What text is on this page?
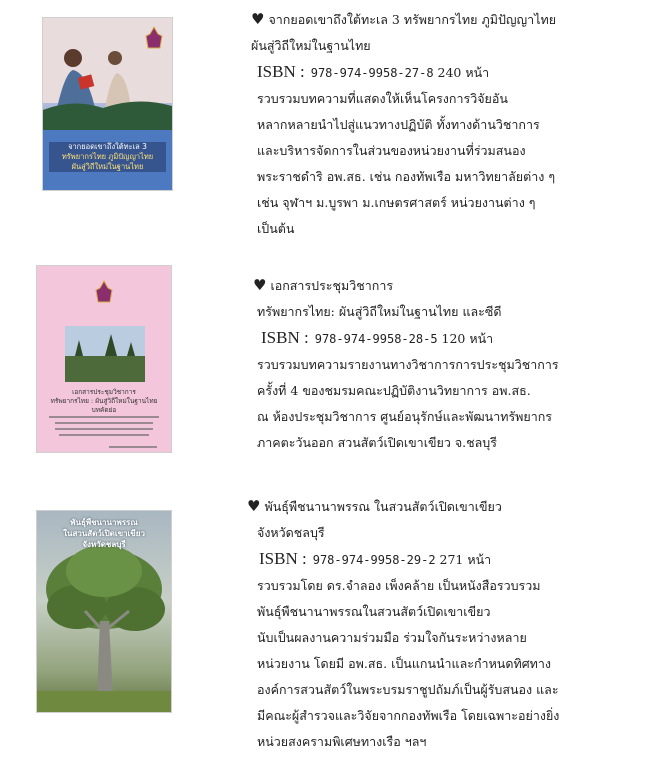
จากยอดเขาถึงใต้ทะเล 3
ทรัพยากรไทย ภูมิปัญญาไทย
ผันสู่วิถีใหม่ในฐานไทย
♥ จากยอดเขาถึงใต้ทะเล 3 ทรัพยากรไทย ภูมิปัญญาไทย
ผันสู่วิถีใหม่ในฐานไทย
ISBN : 978-974-9958-27-8 240 หน้า
รวบรวมบทความที่แสดงให้เห็นโครงการวิจัยอัน
หลากหลายนำไปสู่แนวทางปฏิบัติ ทั้งทางด้านวิชาการ
และบริหารจัดการในส่วนของหน่วยงานที่ร่วมสนอง
พระราชดำริ อพ.สธ. เช่น กองทัพเรือ มหาวิทยาลัยต่าง ๆ
เช่น จุฬาฯ ม.บูรพา ม.เกษตรศาสตร์ หน่วยงานต่าง ๆ
เป็นต้น
เอกสารประชุมวิชาการ
ทรัพยากรไทย : ผันสู่วิถีใหม่ในฐานไทย
บทคัดย่อ
♥ เอกสารประชุมวิชาการ
ทรัพยากรไทย: ผันสู่วิถีใหม่ในฐานไทย และซีดี
ISBN : 978-974-9958-28-5 120 หน้า
รวบรวมบทความรายงานทางวิชาการการประชุมวิชาการ
ครั้งที่ 4 ของชมรมคณะปฏิบัติงานวิทยาการ อพ.สธ.
ณ ห้องประชุมวิชาการ ศูนย์อนุรักษ์และพัฒนาทรัพยากร
ภาคตะวันออก สวนสัตว์เปิดเขาเขียว จ.ชลบุรี
พันธุ์พืชนานาพรรณ
ในสวนสัตว์เปิดเขาเขียว
จังหวัดชลบุรี
♥ พันธุ์พืชนานาพรรณ ในสวนสัตว์เปิดเขาเขียว
จังหวัดชลบุรี
ISBN : 978-974-9958-29-2 271 หน้า
รวบรวมโดย ดร.จำลอง เพ็งคล้าย เป็นหนังสือรวบรวม
พันธุ์พืชนานาพรรณในสวนสัตว์เปิดเขาเขียว
นับเป็นผลงานความร่วมมือ ร่วมใจกันระหว่างหลาย
หน่วยงาน โดยมี อพ.สธ. เป็นแกนนำและกำหนดทิศทาง
องค์การสวนสัตว์ในพระบรมราชูปถัมภ์เป็นผู้รับสนอง และ
มีคณะผู้สำรวจและวิจัยจากกองทัพเรือ โดยเฉพาะอย่างยิ่ง
หน่วยสงครามพิเศษทางเรือ ฯลฯ
